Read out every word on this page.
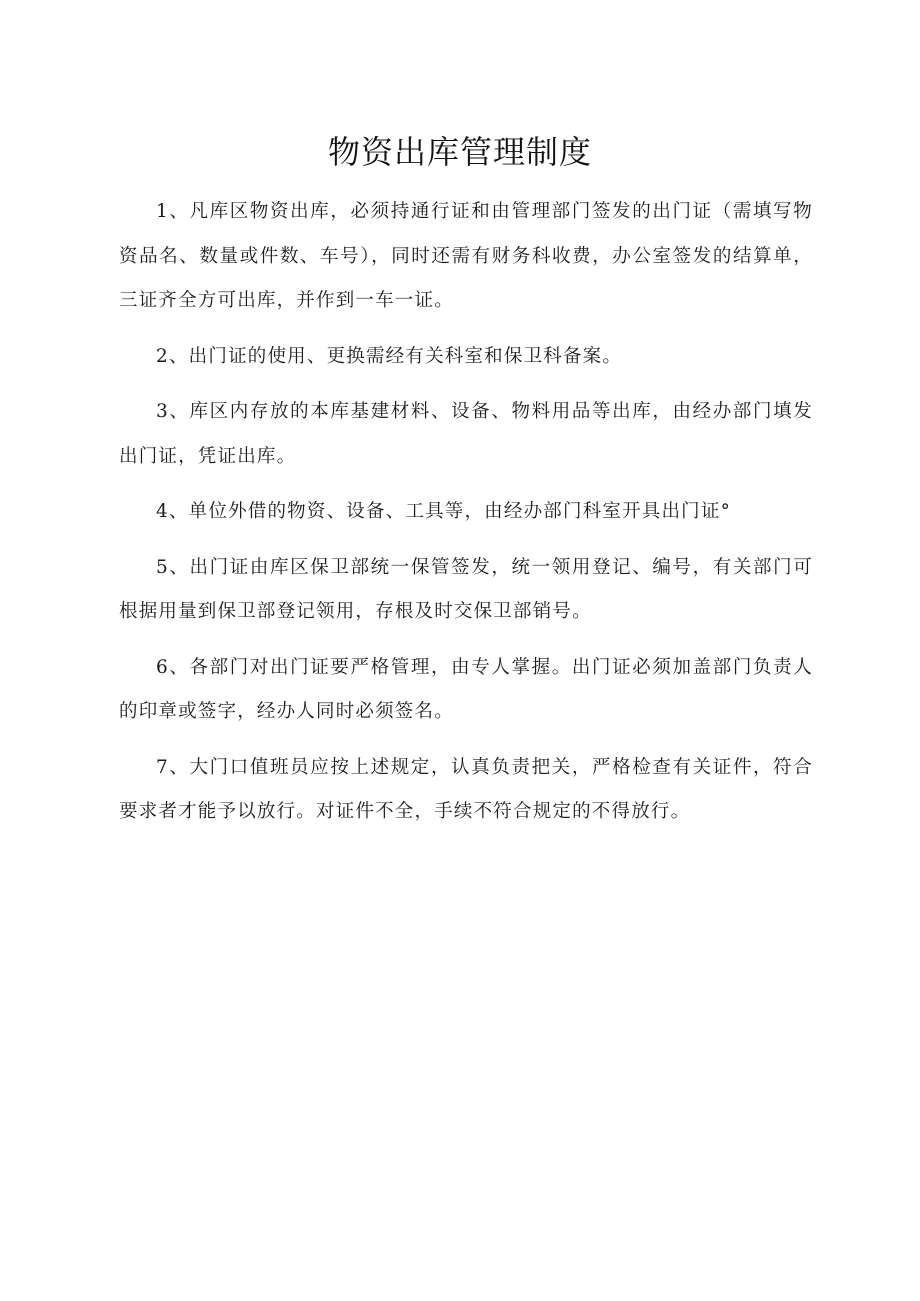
物资出库管理制度

1、凡库区物资出库，必须持通行证和由管理部门签发的出门证（需填写物资品名、数量或件数、车号），同时还需有财务科收费，办公室签发的结算单，三证齐全方可出库，并作到一车一证。

2、出门证的使用、更换需经有关科室和保卫科备案。

3、库区内存放的本库基建材料、设备、物料用品等出库，由经办部门填发出门证，凭证出库。

4、单位外借的物资、设备、工具等，由经办部门科室开具出门证°

5、出门证由库区保卫部统一保管签发，统一领用登记、编号，有关部门可根据用量到保卫部登记领用，存根及时交保卫部销号。

6、各部门对出门证要严格管理，由专人掌握。出门证必须加盖部门负责人的印章或签字，经办人同时必须签名。

7、大门口值班员应按上述规定，认真负责把关，严格检查有关证件，符合要求者才能予以放行。对证件不全，手续不符合规定的不得放行。
